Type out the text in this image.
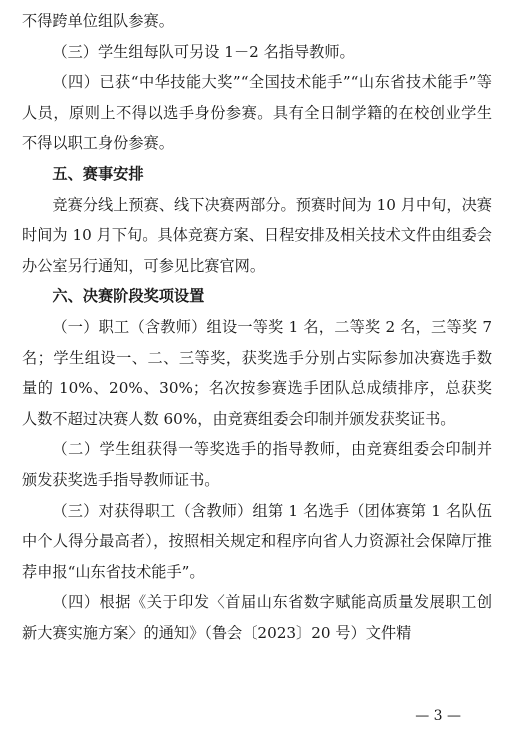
不得跨单位组队参赛。

（三）学生组每队可另设 1－2 名指导教师。

（四）已获“中华技能大奖”“全国技术能手”“山东省技术能手”等人员，原则上不得以选手身份参赛。具有全日制学籍的在校创业学生不得以职工身份参赛。

五、赛事安排

竞赛分线上预赛、线下决赛两部分。预赛时间为 10 月中旬，决赛时间为 10 月下旬。具体竞赛方案、日程安排及相关技术文件由组委会办公室另行通知，可参见比赛官网。

六、决赛阶段奖项设置

（一）职工（含教师）组设一等奖 1 名，二等奖 2 名，三等奖 7 名；学生组设一、二、三等奖，获奖选手分别占实际参加决赛选手数量的 10%、20%、30%；名次按参赛选手团队总成绩排序，总获奖人数不超过决赛人数 60%，由竞赛组委会印制并颁发获奖证书。

（二）学生组获得一等奖选手的指导教师，由竞赛组委会印制并颁发获奖选手指导教师证书。

（三）对获得职工（含教师）组第 1 名选手（团体赛第 1 名队伍中个人得分最高者），按照相关规定和程序向省人力资源社会保障厅推荐申报“山东省技术能手”。

（四）根据《关于印发〈首届山东省数字赋能高质量发展职工创新大赛实施方案〉的通知》（鲁会〔2023〕20 号）文件精

— 3 —
